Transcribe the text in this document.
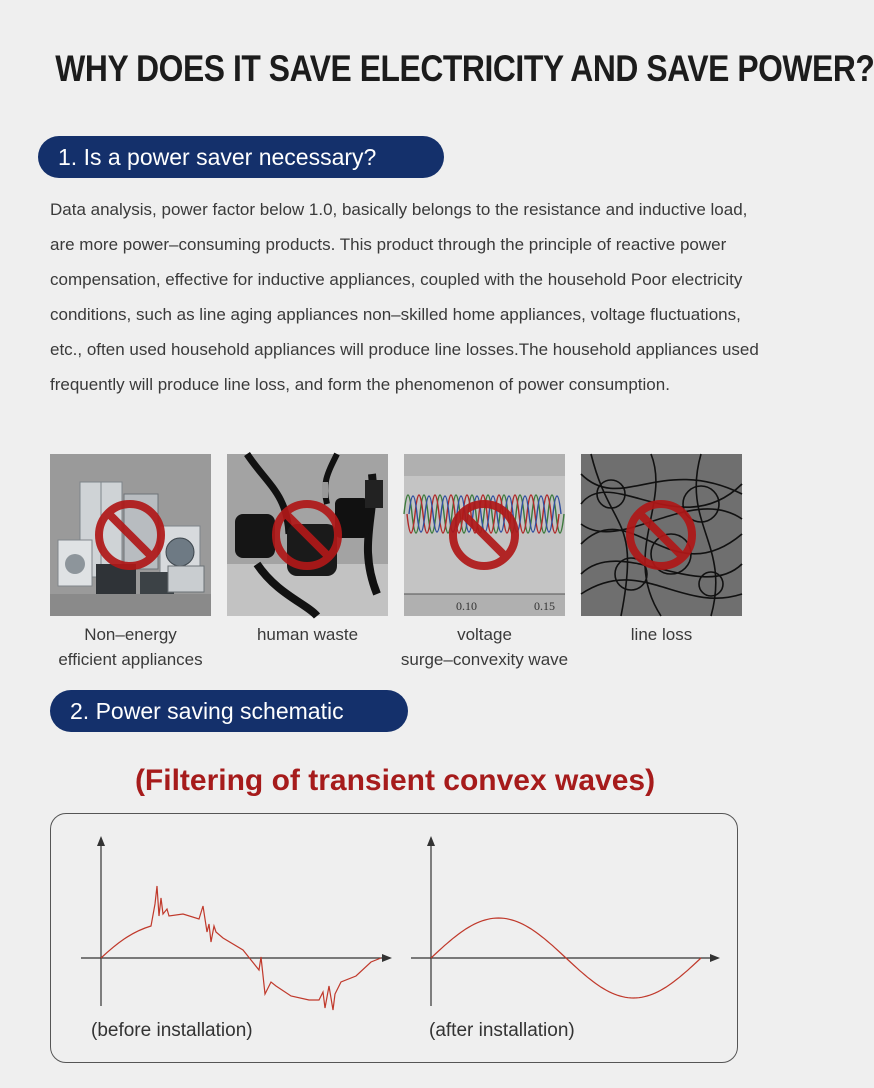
WHY DOES IT SAVE ELECTRICITY AND SAVE POWER?
1. Is a power saver necessary?
Data analysis, power factor below 1.0, basically belongs to the resistance and inductive load, are more power–consuming products. This product through the principle of reactive power compensation, effective for inductive appliances, coupled with the household Poor electricity conditions, such as line aging appliances non–skilled home appliances, voltage fluctuations, etc., often used household appliances will produce line losses.The household appliances used frequently will produce line loss, and form the phenomenon of power consumption.
Non–energy
efficient appliances
human waste
0.10	0.15
voltage
surge–convexity wave
line loss
2. Power saving schematic
(Filtering of transient convex waves)
(before installation)	(after installation)
